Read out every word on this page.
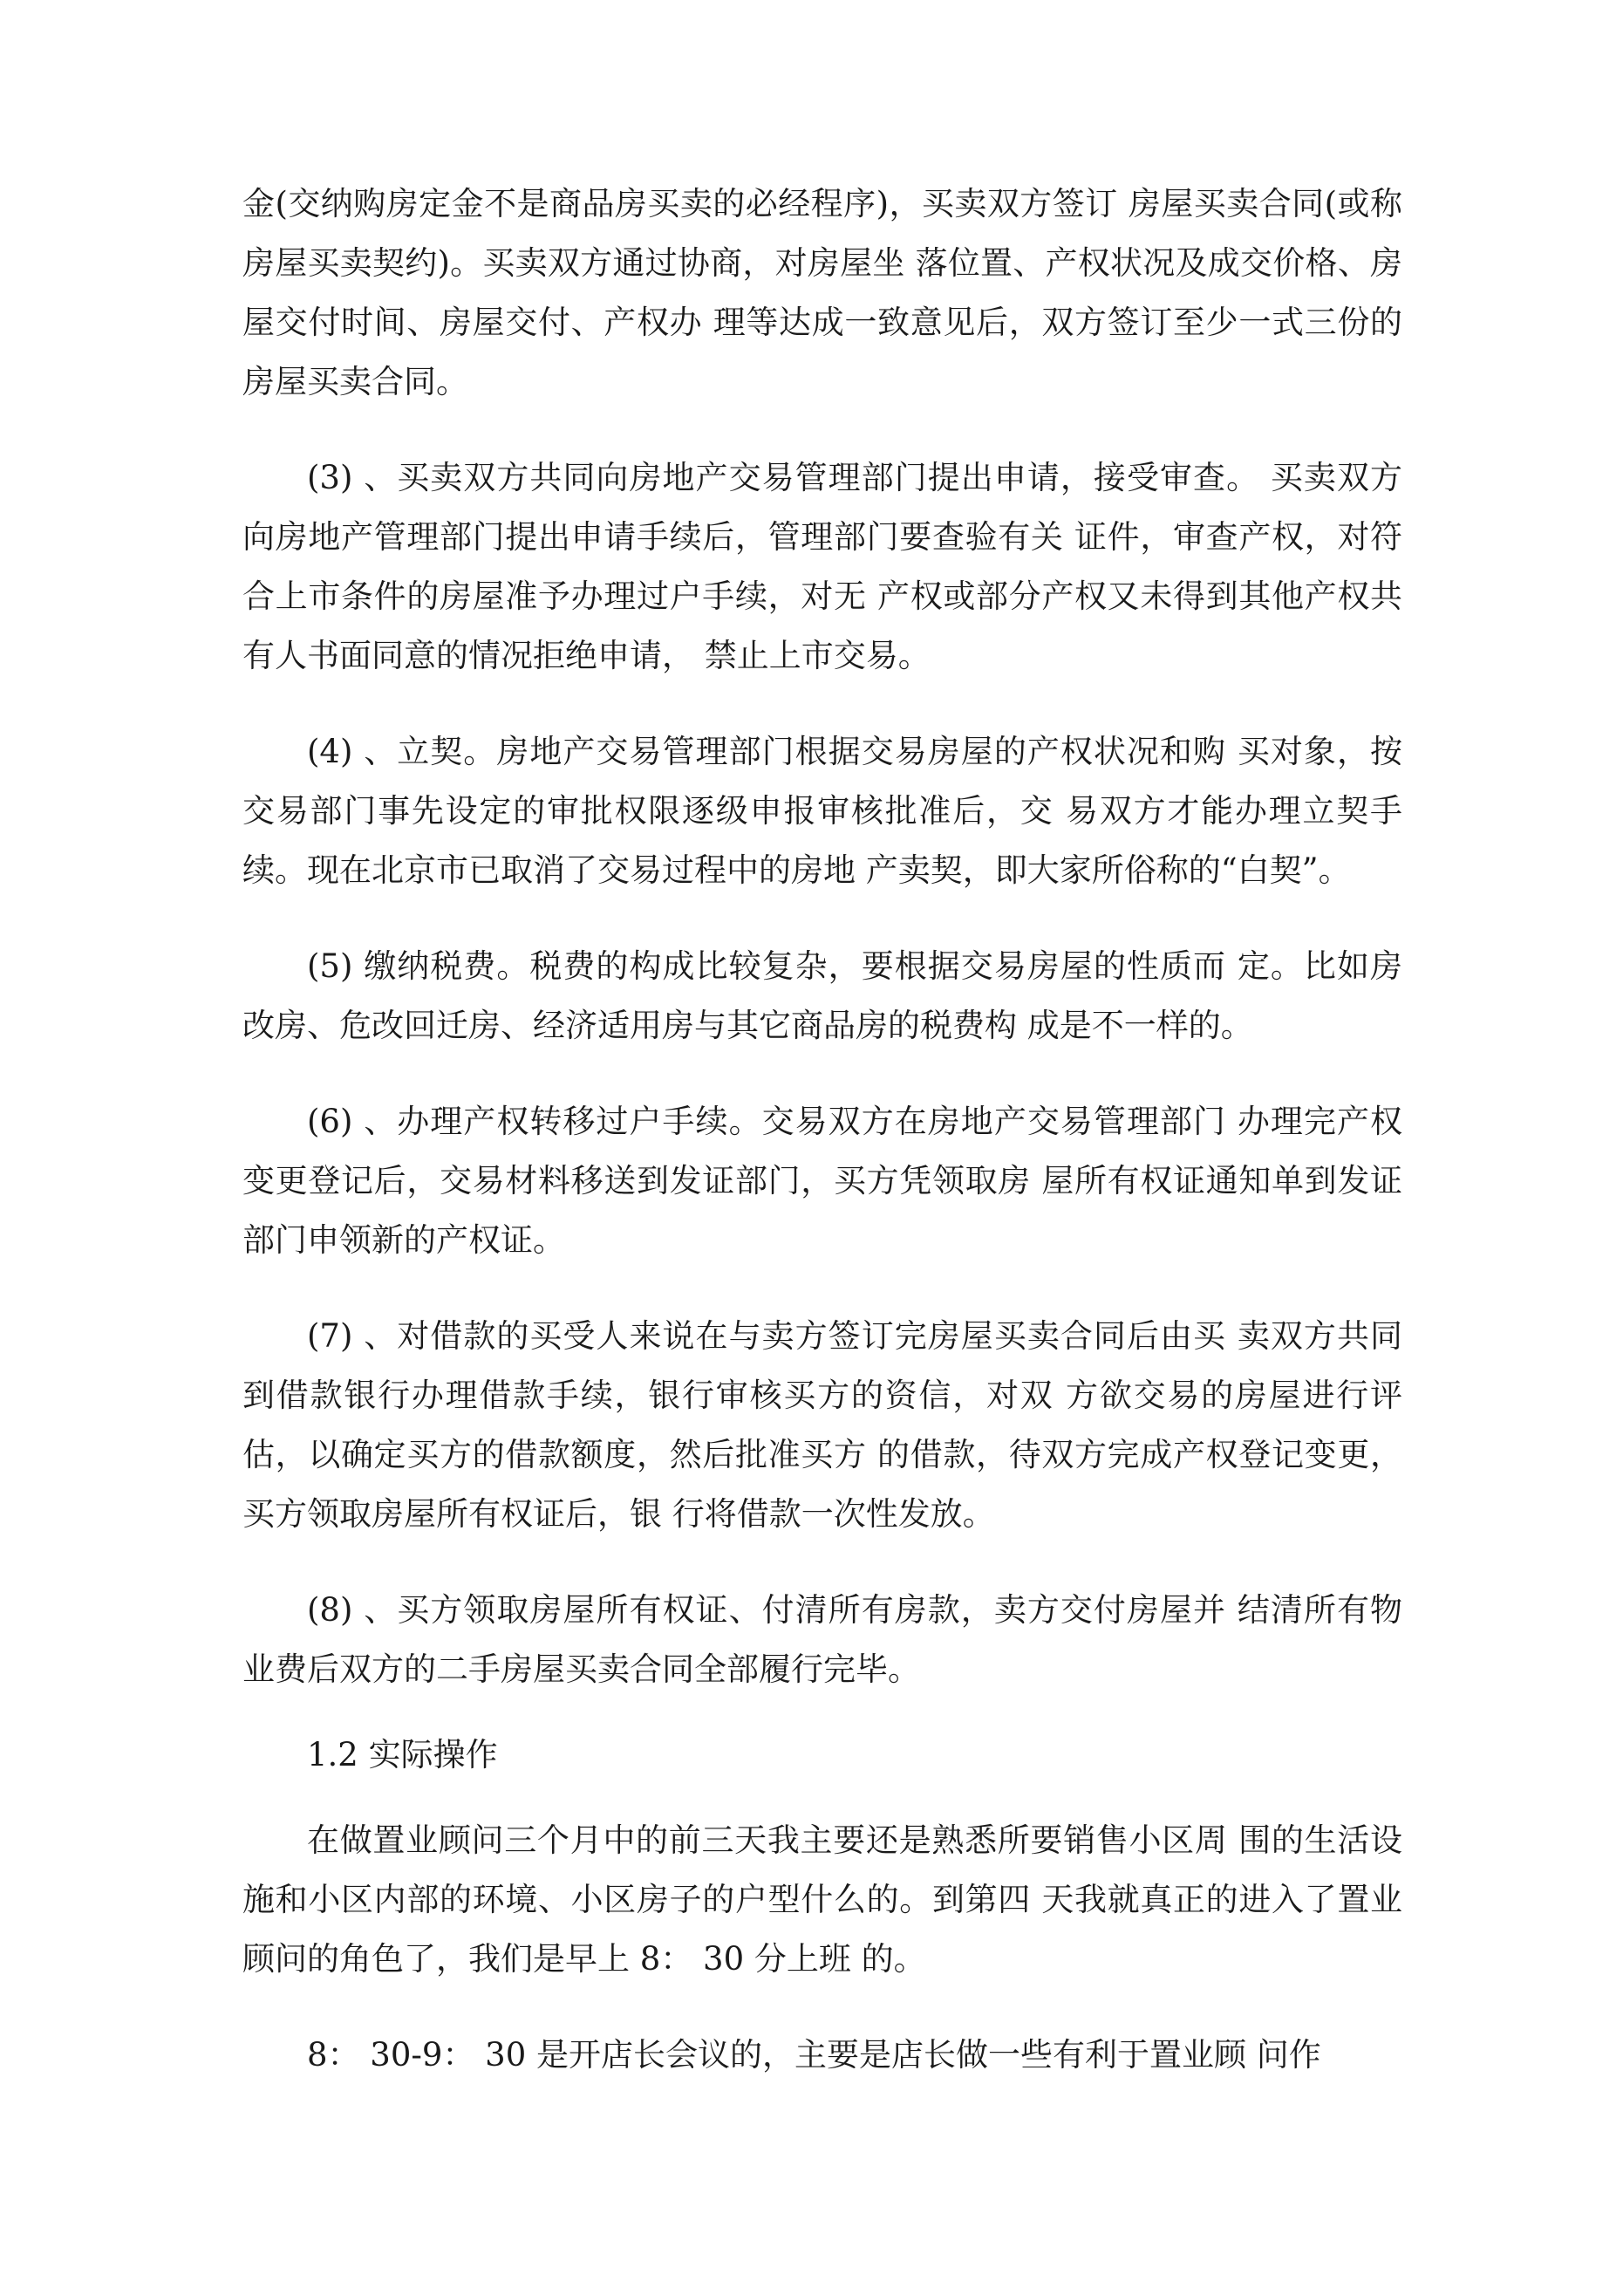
金(交纳购房定金不是商品房买卖的必经程序)，买卖双方签订 房屋买卖合同(或称房屋买卖契约)。买卖双方通过协商，对房屋坐 落位置、产权状况及成交价格、房屋交付时间、房屋交付、产权办 理等达成一致意见后，双方签订至少一式三份的房屋买卖合同。

(3) 、买卖双方共同向房地产交易管理部门提出申请，接受审查。 买卖双方向房地产管理部门提出申请手续后，管理部门要查验有关 证件，审查产权，对符合上市条件的房屋准予办理过户手续，对无 产权或部分产权又未得到其他产权共有人书面同意的情况拒绝申请， 禁止上市交易。

(4) 、立契。房地产交易管理部门根据交易房屋的产权状况和购 买对象，按交易部门事先设定的审批权限逐级申报审核批准后，交 易双方才能办理立契手续。现在北京市已取消了交易过程中的房地 产卖契，即大家所俗称的“白契”。

(5) 缴纳税费。税费的构成比较复杂，要根据交易房屋的性质而 定。比如房改房、危改回迁房、经济适用房与其它商品房的税费构 成是不一样的。

(6) 、办理产权转移过户手续。交易双方在房地产交易管理部门 办理完产权变更登记后，交易材料移送到发证部门，买方凭领取房 屋所有权证通知单到发证部门申领新的产权证。

(7) 、对借款的买受人来说在与卖方签订完房屋买卖合同后由买 卖双方共同到借款银行办理借款手续，银行审核买方的资信，对双 方欲交易的房屋进行评估，以确定买方的借款额度，然后批准买方 的借款，待双方完成产权登记变更，买方领取房屋所有权证后，银 行将借款一次性发放。

(8) 、买方领取房屋所有权证、付清所有房款，卖方交付房屋并 结清所有物业费后双方的二手房屋买卖合同全部履行完毕。

1.2 实际操作

在做置业顾问三个月中的前三天我主要还是熟悉所要销售小区周 围的生活设施和小区内部的环境、小区房子的户型什么的。到第四 天我就真正的进入了置业顾问的角色了，我们是早上 8： 30 分上班 的。

8： 30-9： 30 是开店长会议的，主要是店长做一些有利于置业顾 问作
